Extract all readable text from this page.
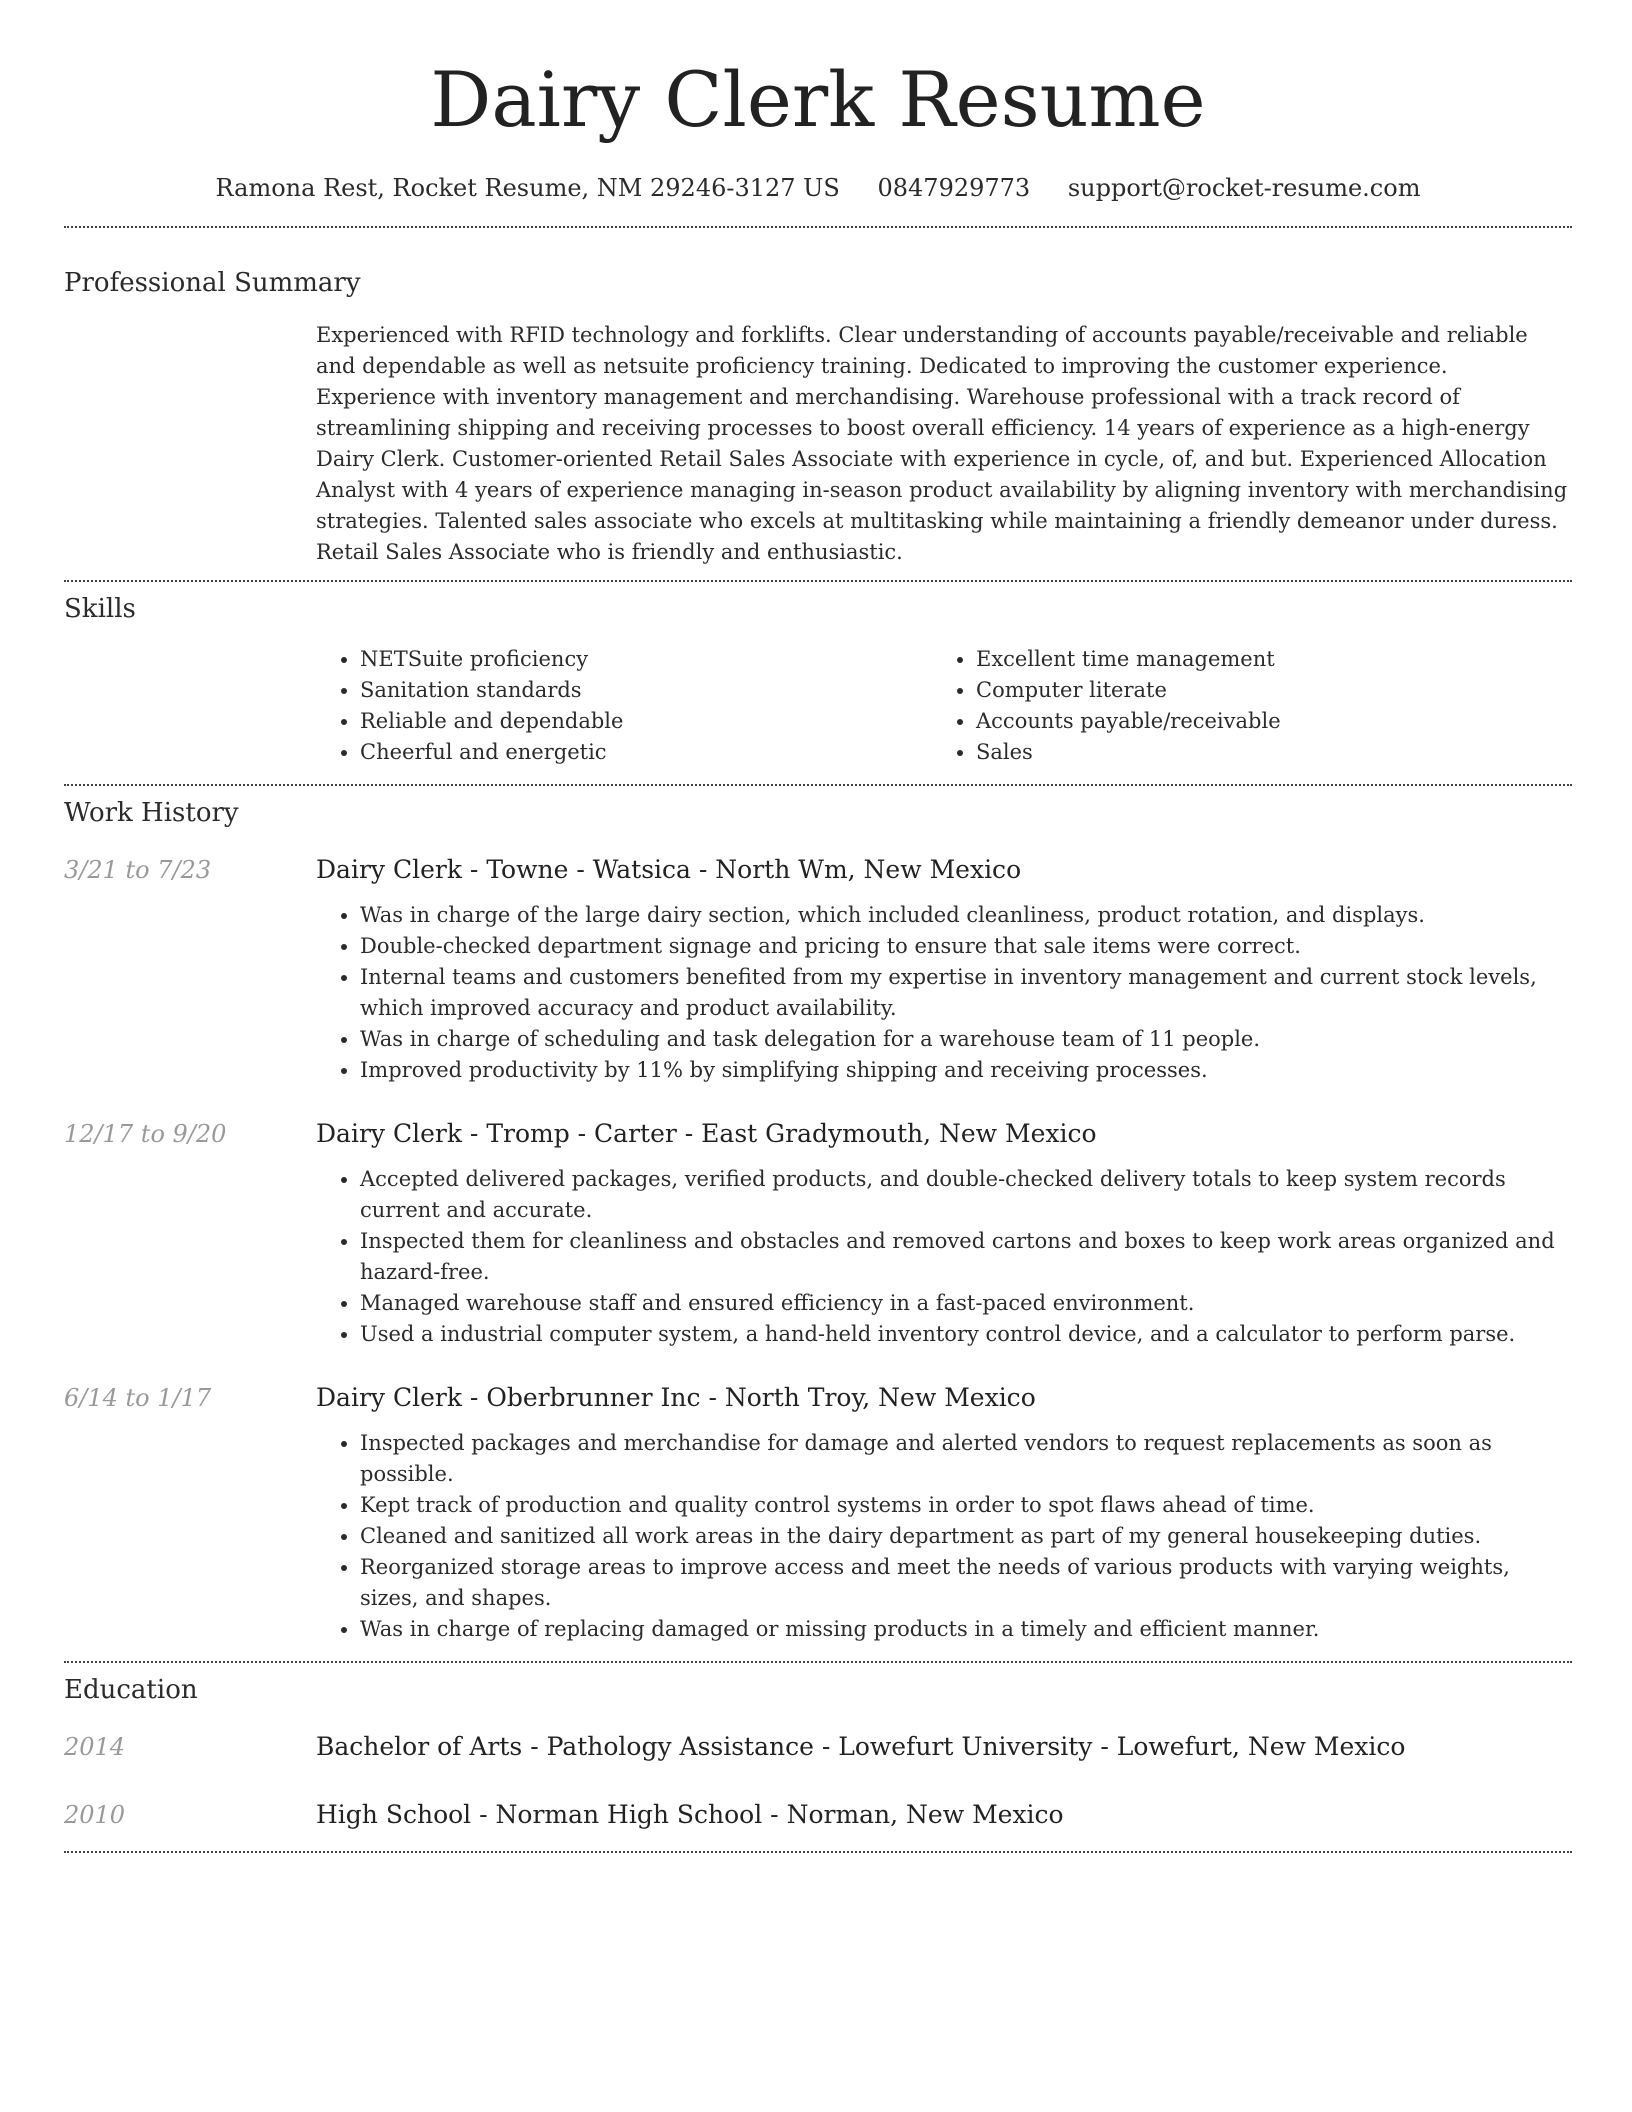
Dairy Clerk Resume
Ramona Rest, Rocket Resume, NM 29246-3127 US 0847929773 support@rocket-resume.com
Professional Summary

Experienced with RFID technology and forklifts. Clear understanding of accounts payable/receivable and reliable and dependable as well as netsuite proficiency training. Dedicated to improving the customer experience. Experience with inventory management and merchandising. Warehouse professional with a track record of streamlining shipping and receiving processes to boost overall efficiency. 14 years of experience as a high-energy Dairy Clerk. Customer-oriented Retail Sales Associate with experience in cycle, of, and but. Experienced Allocation Analyst with 4 years of experience managing in-season product availability by aligning inventory with merchandising strategies. Talented sales associate who excels at multitasking while maintaining a friendly demeanor under duress. Retail Sales Associate who is friendly and enthusiastic.

Skills
• NETSuite proficiency
• Sanitation standards
• Reliable and dependable
• Cheerful and energetic
• Excellent time management
• Computer literate
• Accounts payable/receivable
• Sales
Work History
3/21 to 7/23	Dairy Clerk - Towne - Watsica - North Wm, New Mexico
• Was in charge of the large dairy section, which included cleanliness, product rotation, and displays.
• Double-checked department signage and pricing to ensure that sale items were correct.
• Internal teams and customers benefited from my expertise in inventory management and current stock levels, which improved accuracy and product availability.
• Was in charge of scheduling and task delegation for a warehouse team of 11 people.
• Improved productivity by 11% by simplifying shipping and receiving processes.
12/17 to 9/20	Dairy Clerk - Tromp - Carter - East Gradymouth, New Mexico
• Accepted delivered packages, verified products, and double-checked delivery totals to keep system records current and accurate.
• Inspected them for cleanliness and obstacles and removed cartons and boxes to keep work areas organized and hazard-free.
• Managed warehouse staff and ensured efficiency in a fast-paced environment.
• Used a industrial computer system, a hand-held inventory control device, and a calculator to perform parse.
6/14 to 1/17	Dairy Clerk - Oberbrunner Inc - North Troy, New Mexico
• Inspected packages and merchandise for damage and alerted vendors to request replacements as soon as possible.
• Kept track of production and quality control systems in order to spot flaws ahead of time.
• Cleaned and sanitized all work areas in the dairy department as part of my general housekeeping duties.
• Reorganized storage areas to improve access and meet the needs of various products with varying weights, sizes, and shapes.
• Was in charge of replacing damaged or missing products in a timely and efficient manner.
Education
2014	Bachelor of Arts - Pathology Assistance - Lowefurt University - Lowefurt, New Mexico
2010	High School - Norman High School - Norman, New Mexico
